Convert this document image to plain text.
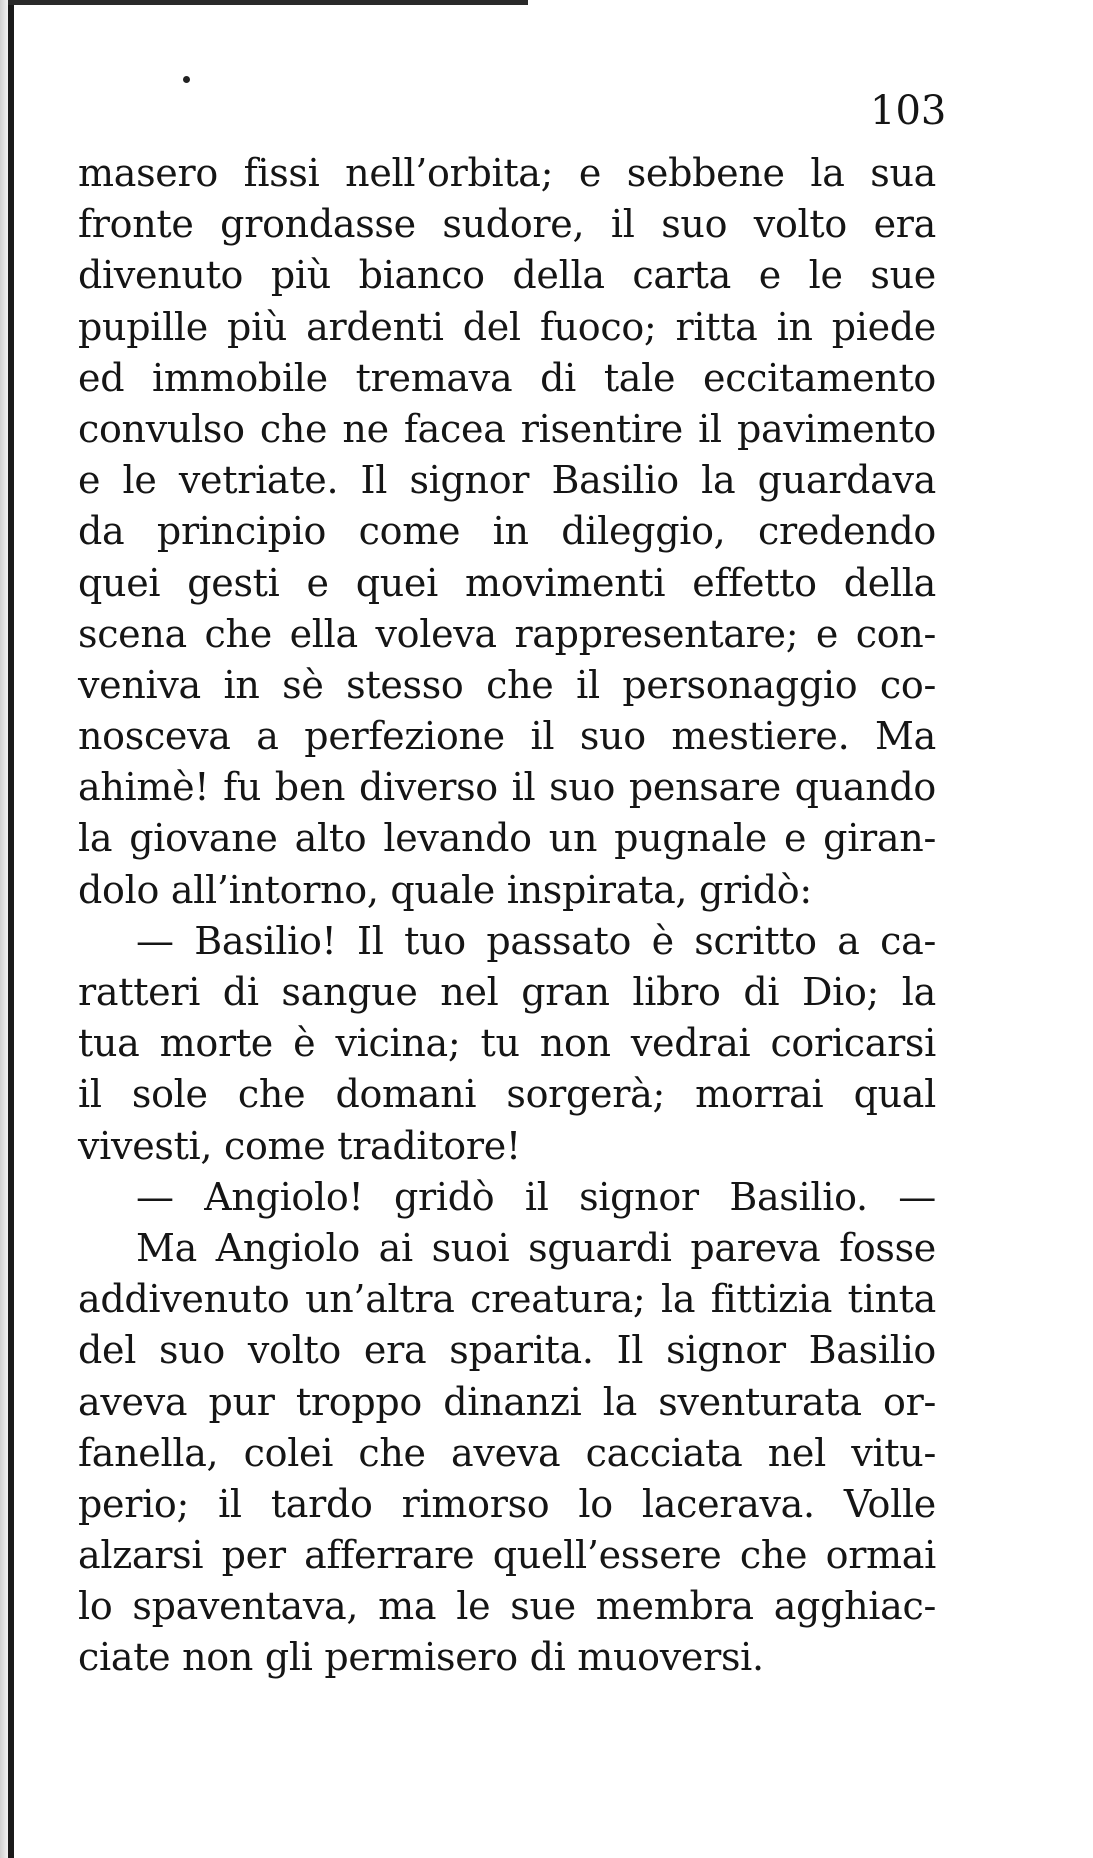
103
masero fissi nell’orbita; e sebbene la sua
fronte grondasse sudore, il suo volto era
divenuto più bianco della carta e le sue
pupille più ardenti del fuoco; ritta in piede
ed immobile tremava di tale eccitamento
convulso che ne facea risentire il pavimento
e le vetriate. Il signor Basilio la guardava
da principio come in dileggio, credendo
quei gesti e quei movimenti effetto della
scena che ella voleva rappresentare; e con-
veniva in sè stesso che il personaggio co-
nosceva a perfezione il suo mestiere. Ma
ahimè! fu ben diverso il suo pensare quando
la giovane alto levando un pugnale e giran-
dolo all’intorno, quale inspirata, gridò:
— Basilio! Il tuo passato è scritto a ca-
ratteri di sangue nel gran libro di Dio; la
tua morte è vicina; tu non vedrai coricarsi
il sole che domani sorgerà; morrai qual
vivesti, come traditore!
— Angiolo! gridò il signor Basilio. —
Ma Angiolo ai suoi sguardi pareva fosse
addivenuto un’altra creatura; la fittizia tinta
del suo volto era sparita. Il signor Basilio
aveva pur troppo dinanzi la sventurata or-
fanella, colei che aveva cacciata nel vitu-
perio; il tardo rimorso lo lacerava. Volle
alzarsi per afferrare quell’essere che ormai
lo spaventava, ma le sue membra agghiac-
ciate non gli permisero di muoversi.
